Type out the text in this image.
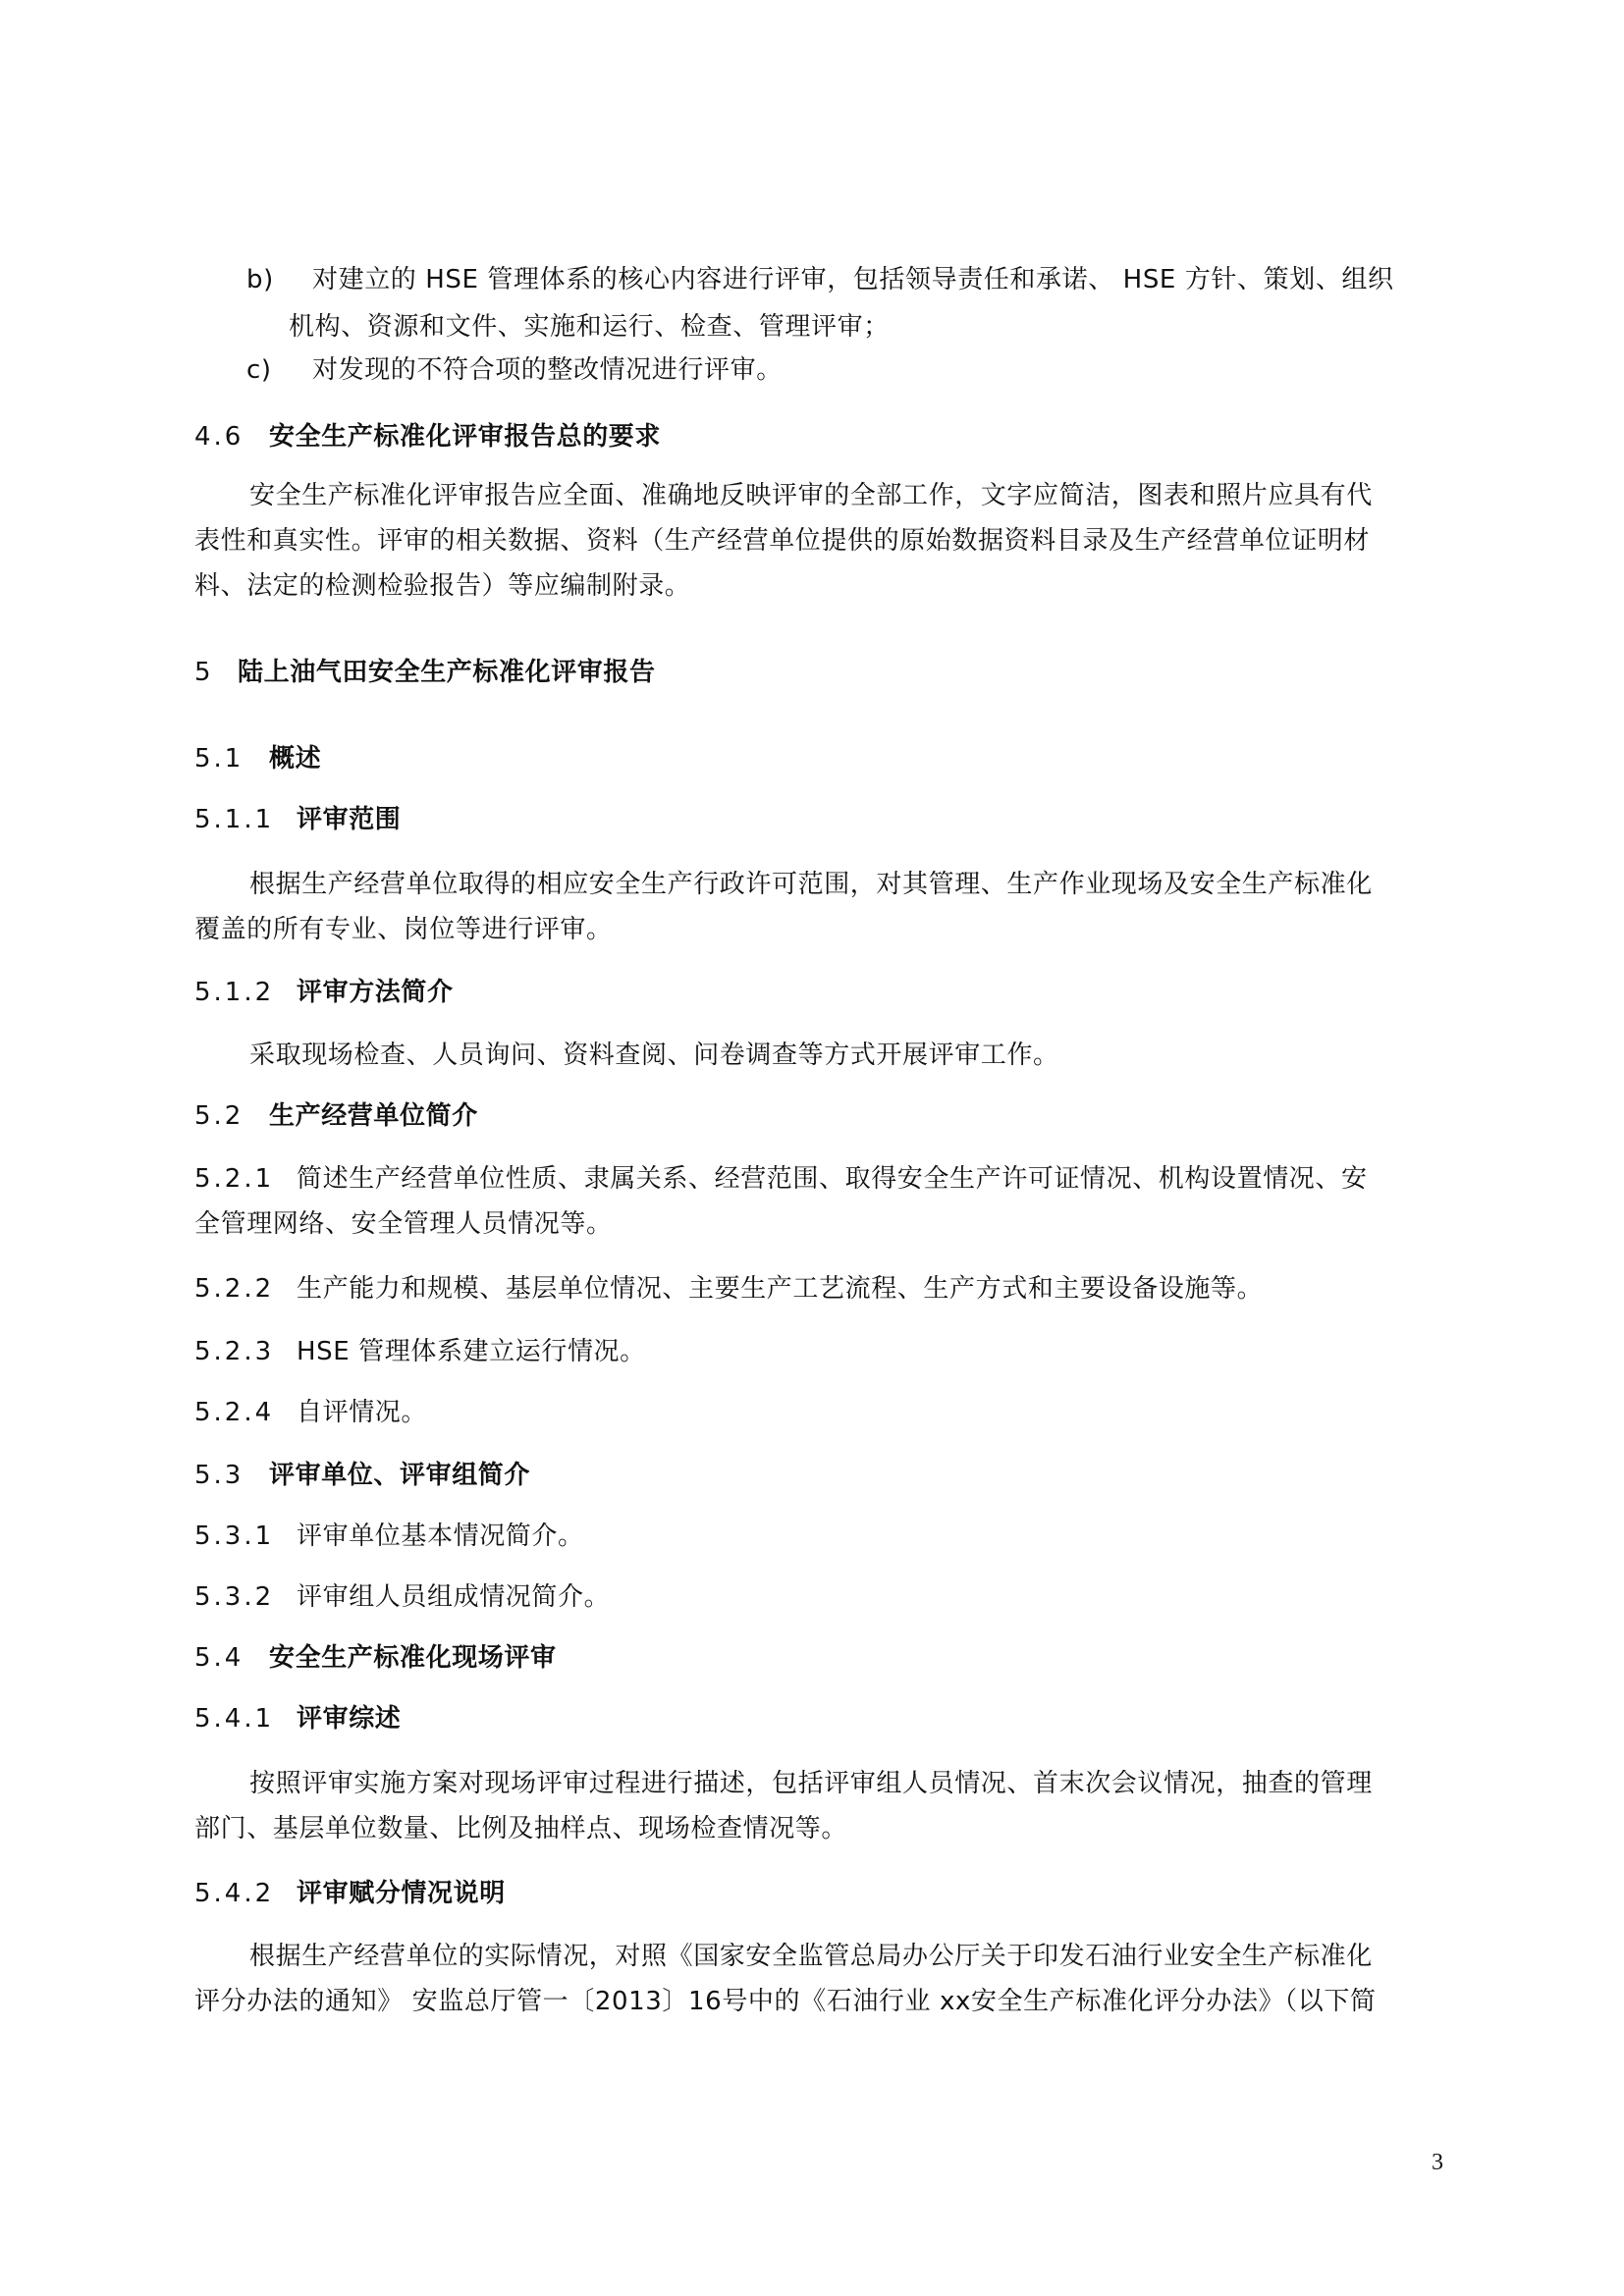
b) 对建立的 HSE 管理体系的核心内容进行评审，包括领导责任和承诺、 HSE 方针、策划、组织
机构、资源和文件、实施和运行、检查、管理评审；
c) 对发现的不符合项的整改情况进行评审。
4.6 安全生产标准化评审报告总的要求
安全生产标准化评审报告应全面、准确地反映评审的全部工作，文字应简洁，图表和照片应具有代
表性和真实性。评审的相关数据、资料（生产经营单位提供的原始数据资料目录及生产经营单位证明材
料、法定的检测检验报告）等应编制附录。
5 陆上油气田安全生产标准化评审报告
5.1 概述
5.1.1 评审范围
根据生产经营单位取得的相应安全生产行政许可范围，对其管理、生产作业现场及安全生产标准化
覆盖的所有专业、岗位等进行评审。
5.1.2 评审方法简介
采取现场检查、人员询问、资料查阅、问卷调查等方式开展评审工作。
5.2 生产经营单位简介
5.2.1 简述生产经营单位性质、隶属关系、经营范围、取得安全生产许可证情况、机构设置情况、安
全管理网络、安全管理人员情况等。
5.2.2 生产能力和规模、基层单位情况、主要生产工艺流程、生产方式和主要设备设施等。
5.2.3 HSE 管理体系建立运行情况。
5.2.4 自评情况。
5.3 评审单位、评审组简介
5.3.1 评审单位基本情况简介。
5.3.2 评审组人员组成情况简介。
5.4 安全生产标准化现场评审
5.4.1 评审综述
按照评审实施方案对现场评审过程进行描述，包括评审组人员情况、首末次会议情况，抽查的管理
部门、基层单位数量、比例及抽样点、现场检查情况等。
5.4.2 评审赋分情况说明
根据生产经营单位的实际情况，对照《国家安全监管总局办公厅关于印发石油行业安全生产标准化
评分办法的通知》 安监总厅管一〔2013〕16号中的《石油行业 xx安全生产标准化评分办法》（以下简
3
